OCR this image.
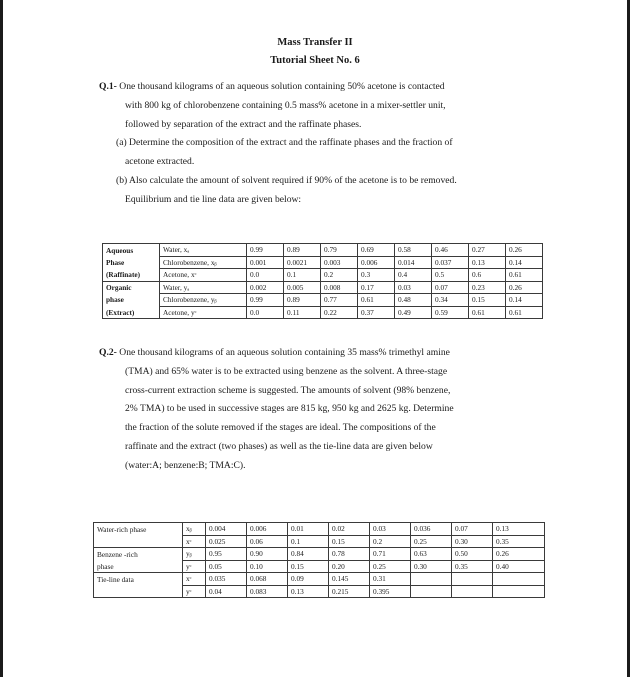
Mass Transfer II
Tutorial Sheet No. 6
Q.1- One thousand kilograms of an aqueous solution containing 50% acetone is contacted
with 800 kg of chlorobenzene containing 0.5 mass% acetone in a mixer-settler unit,
followed by separation of the extract and the raffinate phases.
(a) Determine the composition of the extract and the raffinate phases and the fraction of
acetone extracted.
(b) Also calculate the amount of solvent required if 90% of the acetone is to be removed.
Equilibrium and tie line data are given below:
Aqueous	Water, xₐ	0.99	0.89	0.79	0.69	0.58	0.46	0.27	0.26
Phase	Chlorobenzene, xᵦ	0.001	0.0021	0.003	0.006	0.014	0.037	0.13	0.14
(Raffinate)	Acetone, xᶜ	0.0	0.1	0.2	0.3	0.4	0.5	0.6	0.61
Organic	Water, yₐ	0.002	0.005	0.008	0.17	0.03	0.07	0.23	0.26
phase	Chlorobenzene, yᵦ	0.99	0.89	0.77	0.61	0.48	0.34	0.15	0.14
(Extract)	Acetone, yᶜ	0.0	0.11	0.22	0.37	0.49	0.59	0.61	0.61
Q.2- One thousand kilograms of an aqueous solution containing 35 mass% trimethyl amine
(TMA) and 65% water is to be extracted using benzene as the solvent. A three-stage
cross-current extraction scheme is suggested. The amounts of solvent (98% benzene,
2% TMA) to be used in successive stages are 815 kg, 950 kg and 2625 kg. Determine
the fraction of the solute removed if the stages are ideal. The compositions of the
raffinate and the extract (two phases) as well as the tie-line data are given below
(water:A; benzene:B; TMA:C).
Water-rich phase	xᵦ	0.004	0.006	0.01	0.02	0.03	0.036	0.07	0.13
	xᶜ	0.025	0.06	0.1	0.15	0.2	0.25	0.30	0.35
Benzene -rich	yᵦ	0.95	0.90	0.84	0.78	0.71	0.63	0.50	0.26
phase	yᶜ	0.05	0.10	0.15	0.20	0.25	0.30	0.35	0.40
Tie-line data	xᶜ	0.035	0.068	0.09	0.145	0.31			
	yᶜ	0.04	0.083	0.13	0.215	0.395			
